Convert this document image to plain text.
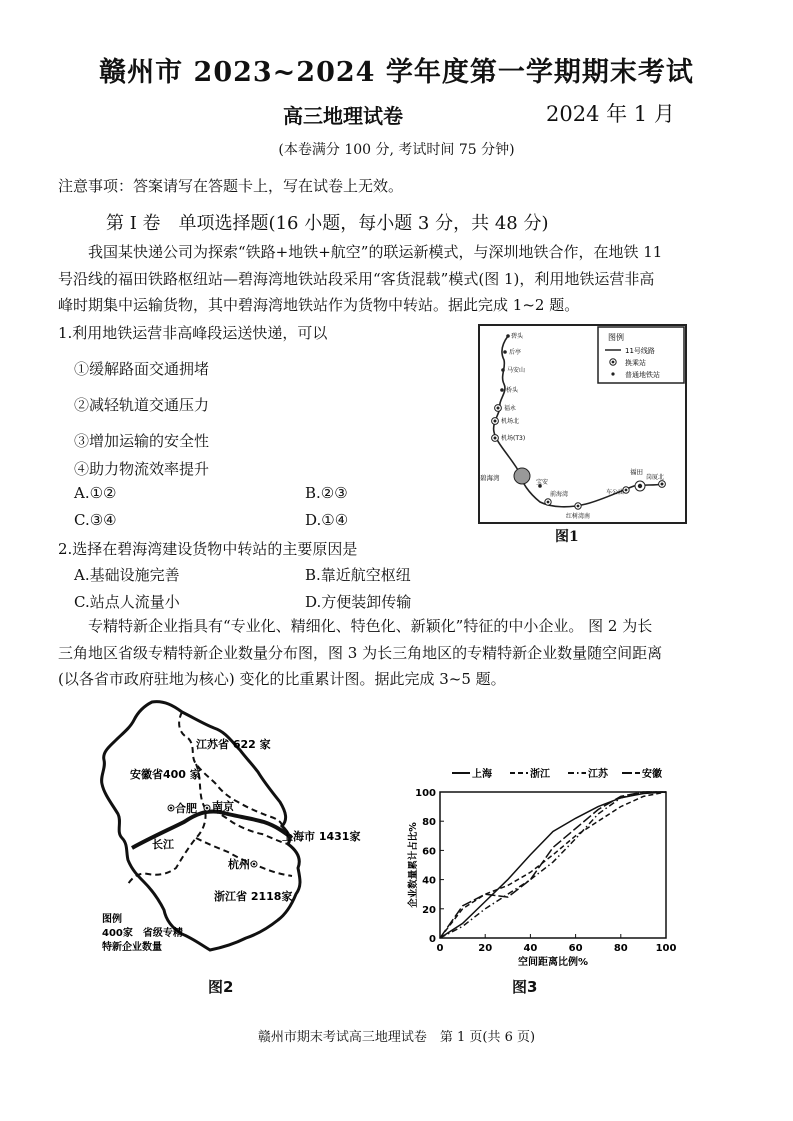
赣州市 2023~2024 学年度第一学期期末考试
高三地理试卷	2024 年 1 月
(本卷满分 100 分, 考试时间 75 分钟)
注意事项：答案请写在答题卡上，写在试卷上无效。
第 Ⅰ 卷　单项选择题(16 小题，每小题 3 分，共 48 分)
我国某快递公司为探索“铁路+地铁+航空”的联运新模式，与深圳地铁合作，在地铁 11
号沿线的福田铁路枢纽站—碧海湾地铁站段采用“客货混载”模式(图 1)，利用地铁运营非高
峰时期集中运输货物，其中碧海湾地铁站作为货物中转站。据此完成 1~2 题。
1.利用地铁运营非高峰段运送快递，可以
①缓解路面交通拥堵
②减轻轨道交通压力
③增加运输的安全性
④助力物流效率提升
A.①②	B.②③
C.③④	D.①④
2.选择在碧海湾建设货物中转站的主要原因是
A.基础设施完善	B.靠近航空枢纽
C.站点人流量小	D.方便装卸传输
图例
11号线路
换乘站
普通地铁站
碧头
后亭
马安山
桥头
福永
机场北
机场(T3)
碧海湾
宝安
前海湾
红树湾南
车公庙
福田
岗厦北
图1
专精特新企业指具有“专业化、精细化、特色化、新颖化”特征的中小企业。 图 2 为长
三角地区省级专精特新企业数量分布图，图 3 为长三角地区的专精特新企业数量随空间距离
(以各省市政府驻地为核心) 变化的比重累计图。据此完成 3~5 题。
江苏省 622 家
安徽省400 家
上海市 1431家
浙江省 2118家
合肥 南京
杭州
长江
图例
400家　省级专精
特新企业数量
图2
0	20	40	60	80	100
0
20
40
60
80
100
空间距离比例%
企业数量累计占比%
上海	浙江	江苏	安徽
图3
赣州市期末考试高三地理试卷　第 1 页(共 6 页)
